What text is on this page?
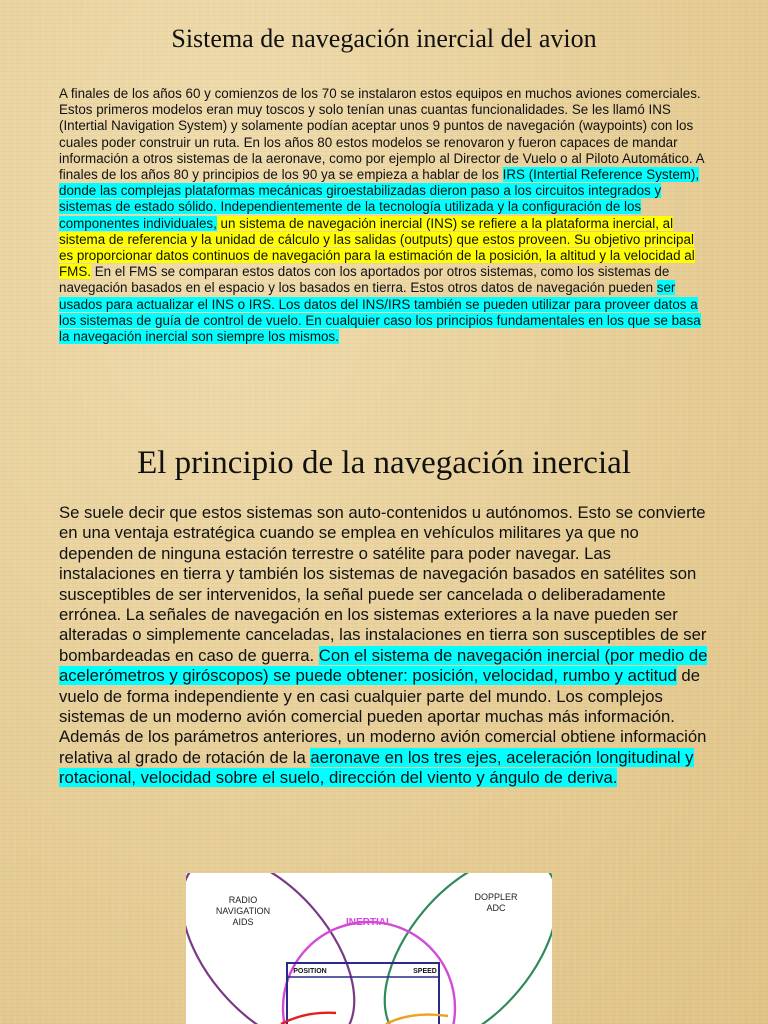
Sistema de navegación inercial del avion
A finales de los años 60 y comienzos de los 70 se instalaron estos equipos en muchos aviones comerciales. Estos primeros modelos eran muy toscos y solo tenían unas cuantas funcionalidades. Se les llamó INS (Intertial Navigation System) y solamente podían aceptar unos 9 puntos de navegación (waypoints) con los cuales poder construir un ruta. En los años 80 estos modelos se renovaron y fueron capaces de mandar información a otros sistemas de la aeronave, como por ejemplo al Director de Vuelo o al Piloto Automático. A finales de los años 80 y principios de los 90 ya se empieza a hablar de los IRS (Intertial Reference System), donde las complejas plataformas mecánicas giroestabilizadas dieron paso a los circuitos integrados y sistemas de estado sólido. Independientemente de la tecnología utilizada y la configuración de los componentes individuales, un sistema de navegación inercial (INS) se refiere a la plataforma inercial, al sistema de referencia y la unidad de cálculo y las salidas (outputs) que estos proveen. Su objetivo principal es proporcionar datos continuos de navegación para la estimación de la posición, la altitud y la velocidad al FMS. En el FMS se comparan estos datos con los aportados por otros sistemas, como los sistemas de navegación basados en el espacio y los basados en tierra. Estos otros datos de navegación pueden ser usados para actualizar el INS o IRS. Los datos del INS/IRS también se pueden utilizar para proveer datos a los sistemas de guía de control de vuelo. En cualquier caso los principios fundamentales en los que se basa la navegación inercial son siempre los mismos.
El principio de la navegación inercial
Se suele decir que estos sistemas son auto-contenidos u autónomos. Esto se convierte en una ventaja estratégica cuando se emplea en vehículos militares ya que no dependen de ninguna estación terrestre o satélite para poder navegar. Las instalaciones en tierra y también los sistemas de navegación basados en satélites son susceptibles de ser intervenidos, la señal puede ser cancelada o deliberadamente errónea. La señales de navegación en los sistemas exteriores a la nave pueden ser alteradas o simplemente canceladas, las instalaciones en tierra son susceptibles de ser bombardeadas en caso de guerra. Con el sistema de navegación inercial (por medio de acelerómetros y giróscopos) se puede obtener: posición, velocidad, rumbo y actitud de vuelo de forma independiente y en casi cualquier parte del mundo. Los complejos sistemas de un moderno avión comercial pueden aportar muchas más información. Además de los parámetros anteriores, un moderno avión comercial obtiene información relativa al grado de rotación de la aeronave en los tres ejes, aceleración longitudinal y rotacional, velocidad sobre el suelo, dirección del viento y ángulo de deriva.
RADIO
NAVIGATION
AIDS
DOPPLER
ADC
INERTIAL
POSITION	SPEED
